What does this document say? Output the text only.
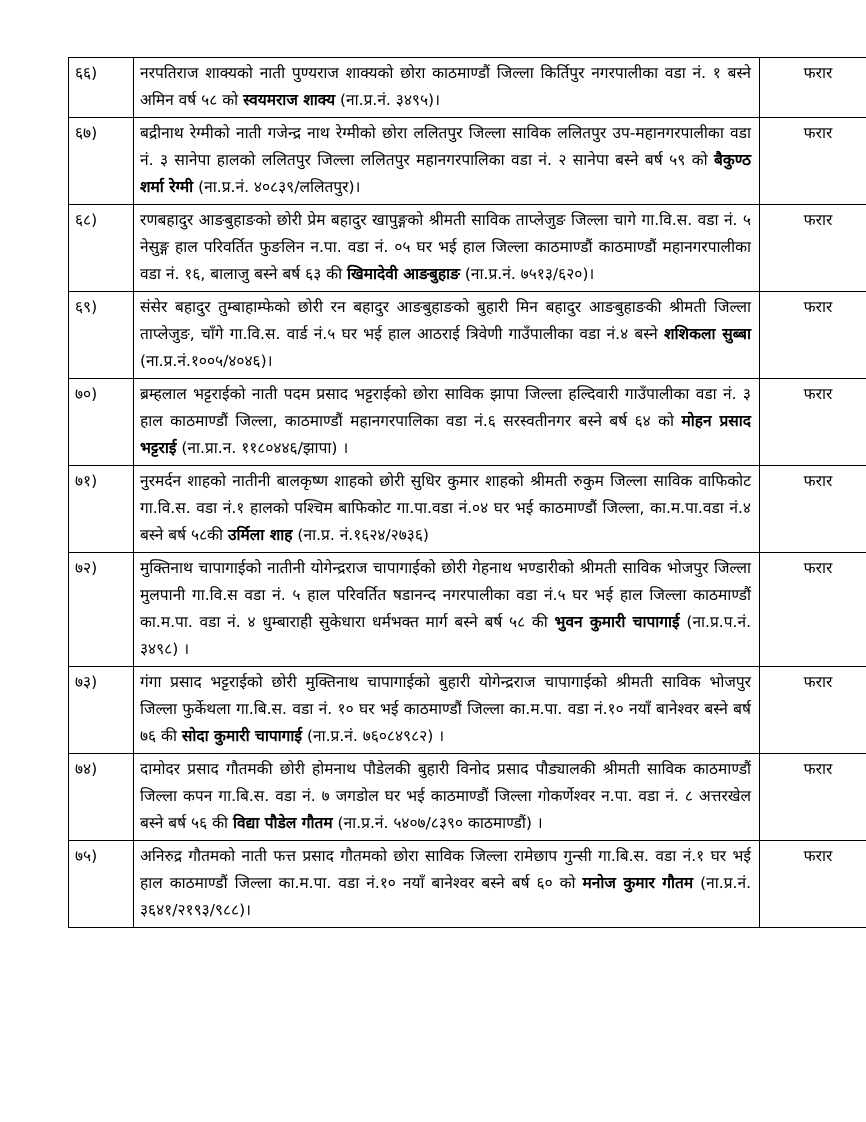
६६)	नरपतिराज शाक्यको नाती पुण्यराज शाक्यको छोरा काठमाण्डौं जिल्ला किर्तिपुर नगरपालीका वडा नं. १ बस्ने अमिन वर्ष ५८ को स्वयमराज शाक्य (ना.प्र.नं. ३४९५)।	फरार
६७)	बद्रीनाथ रेग्मीको नाती गजेन्द्र नाथ रेग्मीको छोरा ललितपुर जिल्ला साविक ललितपुर उप-महानगरपालीका वडा नं. ३ सानेपा हालको ललितपुर जिल्ला ललितपुर महानगरपालिका वडा नं. २ सानेपा बस्ने बर्ष ५९ को बैकुण्ठ शर्मा रेग्मी (ना.प्र.नं. ४०८३९/ललितपुर)।	फरार
६८)	रणबहादुर आङबुहाङको छोरी प्रेम बहादुर खापुङ्गको श्रीमती साविक ताप्लेजुङ जिल्ला चागे गा.वि.स. वडा नं. ५ नेसुङ्ग हाल परिवर्तित फुङलिन न.पा. वडा नं. ०५ घर भई हाल जिल्ला काठमाण्डौं काठमाण्डौं महानगरपालीका वडा नं. १६, बालाजु बस्ने बर्ष ६३ की खिमादेवी आङबुहाङ (ना.प्र.नं. ७५१३/६२०)।	फरार
६९)	संसेर बहादुर तुम्बाहाम्फेको छोरी रन बहादुर आङबुहाङको बुहारी मिन बहादुर आङबुहाङकी श्रीमती जिल्ला ताप्लेजुङ, चाँगे गा.वि.स. वार्ड नं.५ घर भई हाल आठराई त्रिवेणी गाउँपालीका वडा नं.४ बस्ने शशिकला सुब्बा (ना.प्र.नं.१००५/४०४६)।	फरार
७०)	ब्रम्हलाल भट्टराईको नाती पदम प्रसाद भट्टराईको छोरा साविक झापा जिल्ला हल्दिवारी गाउँपालीका वडा नं. ३ हाल काठमाण्डौं जिल्ला, काठमाण्डौं महानगरपालिका वडा नं.६ सरस्वतीनगर बस्ने बर्ष ६४ को मोहन प्रसाद भट्टराई (ना.प्रा.न. ११८०४४६/झापा) ।	फरार
७१)	नुरमर्दन शाहको नातीनी बालकृष्ण शाहको छोरी सुधिर कुमार शाहको श्रीमती रुकुम जिल्ला साविक वाफिकोट गा.वि.स. वडा नं.१ हालको पश्चिम बाफिकोट गा.पा.वडा नं.०४ घर भई काठमाण्डौं जिल्ला, का.म.पा.वडा नं.४ बस्ने बर्ष ५८की उर्मिला शाह (ना.प्र. नं.१६२४/२७३६)	फरार
७२)	मुक्तिनाथ चापागाईको नातीनी योगेन्द्रराज चापागाईको छोरी गेहनाथ भण्डारीको श्रीमती साविक भोजपुर जिल्ला मुलपानी गा.वि.स वडा नं. ५ हाल परिवर्तित षडानन्द नगरपालीका वडा नं.५ घर भई हाल जिल्ला काठमाण्डौं का.म.पा. वडा नं. ४ धुम्बाराही सुकेधारा धर्मभक्त मार्ग बस्ने बर्ष ५८ की भुवन कुमारी चापागाई (ना.प्र.प.नं. ३४९८) ।	फरार
७३)	गंगा प्रसाद भट्टराईको छोरी मुक्तिनाथ चापागाईको बुहारी योगेन्द्रराज चापागाईको श्रीमती साविक भोजपुर जिल्ला फुर्केथला गा.बि.स. वडा नं. १० घर भई काठमाण्डौं जिल्ला का.म.पा. वडा नं.१० नयाँ बानेश्वर बस्ने बर्ष ७६ की सोदा कुमारी चापागाई (ना.प्र.नं. ७६०८४९८२) ।	फरार
७४)	दामोदर प्रसाद गौतमकी छोरी होमनाथ पौडेलकी बुहारी विनोद प्रसाद पौड्यालकी श्रीमती साविक काठमाण्डौं जिल्ला कपन गा.बि.स. वडा नं. ७ जगडोल घर भई काठमाण्डौं जिल्ला गोकर्णेश्वर न.पा. वडा नं. ८ अत्तरखेल बस्ने बर्ष ५६ की विद्या पौडेल गौतम (ना.प्र.नं. ५४०७/८३९० काठमाण्डौं) ।	फरार
७५)	अनिरुद्र गौतमको नाती फत्त प्रसाद गौतमको छोरा साविक जिल्ला रामेछाप गुन्सी गा.बि.स. वडा नं.१ घर भई हाल काठमाण्डौं जिल्ला का.म.पा. वडा नं.१० नयाँ बानेश्वर बस्ने बर्ष ६० को मनोज कुमार गौतम (ना.प्र.नं. ३६४१/२१९३/९८८)।	फरार
